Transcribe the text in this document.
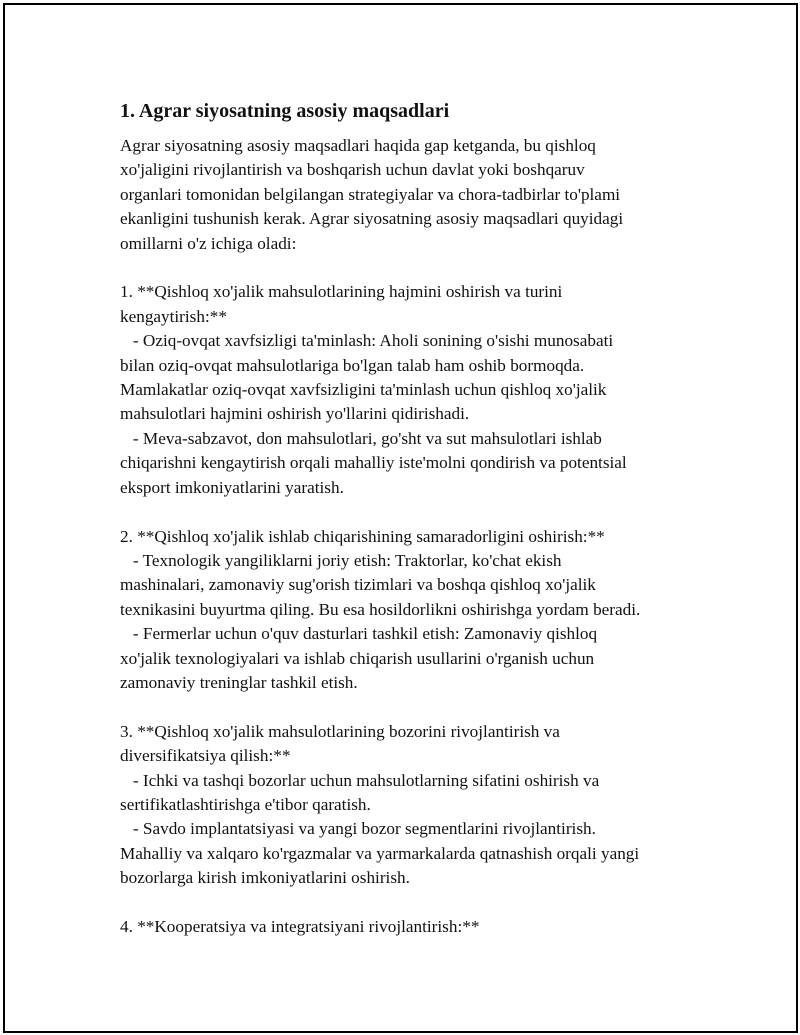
1. Agrar siyosatning asosiy maqsadlari

Agrar siyosatning asosiy maqsadlari haqida gap ketganda, bu qishloq
xo'jaligini rivojlantirish va boshqarish uchun davlat yoki boshqaruv
organlari tomonidan belgilangan strategiyalar va chora-tadbirlar to'plami
ekanligini tushunish kerak. Agrar siyosatning asosiy maqsadlari quyidagi
omillarni o'z ichiga oladi:

1. **Qishloq xo'jalik mahsulotlarining hajmini oshirish va turini
kengaytirish:**
- Oziq-ovqat xavfsizligi ta'minlash: Aholi sonining o'sishi munosabati
bilan oziq-ovqat mahsulotlariga bo'lgan talab ham oshib bormoqda.
Mamlakatlar oziq-ovqat xavfsizligini ta'minlash uchun qishloq xo'jalik
mahsulotlari hajmini oshirish yo'llarini qidirishadi.
- Meva-sabzavot, don mahsulotlari, go'sht va sut mahsulotlari ishlab
chiqarishni kengaytirish orqali mahalliy iste'molni qondirish va potentsial
eksport imkoniyatlarini yaratish.

2. **Qishloq xo'jalik ishlab chiqarishining samaradorligini oshirish:**
- Texnologik yangiliklarni joriy etish: Traktorlar, ko'chat ekish
mashinalari, zamonaviy sug'orish tizimlari va boshqa qishloq xo'jalik
texnikasini buyurtma qiling. Bu esa hosildorlikni oshirishga yordam beradi.
- Fermerlar uchun o'quv dasturlari tashkil etish: Zamonaviy qishloq
xo'jalik texnologiyalari va ishlab chiqarish usullarini o'rganish uchun
zamonaviy treninglar tashkil etish.

3. **Qishloq xo'jalik mahsulotlarining bozorini rivojlantirish va
diversifikatsiya qilish:**
- Ichki va tashqi bozorlar uchun mahsulotlarning sifatini oshirish va
sertifikatlashtirishga e'tibor qaratish.
- Savdo implantatsiyasi va yangi bozor segmentlarini rivojlantirish.
Mahalliy va xalqaro ko'rgazmalar va yarmarkalarda qatnashish orqali yangi
bozorlarga kirish imkoniyatlarini oshirish.

4. **Kooperatsiya va integratsiyani rivojlantirish:**
